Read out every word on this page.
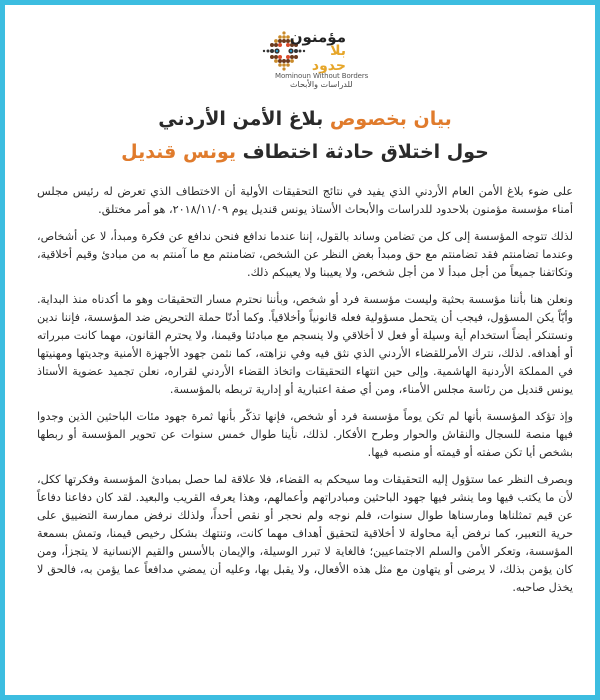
مؤمنون
بلا حدود
Mominoun Without Borders
للدراسات والأبحاث
بيان بخصوص بلاغ الأمن الأردني
حول اختلاق حادثة اختطاف يونس قنديل

على ضوء بلاغ الأمن العام الأردني الذي يفيد في نتائج التحقيقات الأولية أن الاختطاف الذي تعرض له رئيس مجلس أمناء مؤسسة مؤمنون بلاحدود للدراسات والأبحاث الأستاذ يونس قنديل يوم ٢٠١٨/١١/٠٩، هو أمر مختلق.

لذلك تتوجه المؤسسة إلى كل من تضامن وساند بالقول، إننا عندما ندافع فنحن ندافع عن فكرة ومبدأ، لا عن أشخاص، وعندما تضامنتم فقد تضامنتم مع حق ومبدأ بغض النظر عن الشخص، تضامنتم مع ما آمنتم به من مبادئ وقيم أخلاقية، وتكاتفنا جميعاً من أجل مبدأ لا من أجل شخص، ولا يعيبنا ولا يعيبكم ذلك.

ونعلن هنا بأننا مؤسسة بحثية وليست مؤسسة فرد أو شخص، وبأننا نحترم مسار التحقيقات وهو ما أكدناه منذ البداية. وأيّاً يكن المسؤول، فيجب أن يتحمل مسؤولية فعله قانونياً وأخلاقياً. وكما أدنّا حملة التحريض ضد المؤسسة، فإننا ندين ونستنكر أيضاً استخدام أية وسيلة أو فعل لا أخلاقي ولا ينسجم مع مبادئنا وقيمنا، ولا يحترم القانون، مهما كانت مبرراته أو أهدافه. لذلك، نترك الأمرللقضاء الأردني الذي نثق فيه وفي نزاهته، كما نثمن جهود الأجهزة الأمنية وجديتها ومهنيتها في المملكة الأردنية الهاشمية. وإلى حين انتهاء التحقيقات واتخاذ القضاء الأردني لقراره، نعلن تجميد عضوية الأستاذ يونس قنديل من رئاسة مجلس الأمناء، ومن أي صفة اعتبارية أو إدارية تربطه بالمؤسسة.

وإذ تؤكد المؤسسة بأنها لم تكن يوماً مؤسسة فرد أو شخص، فإنها تذكّر بأنها ثمرة جهود مئات الباحثين الذين وجدوا فيها منصة للسجال والنقاش والحوار وطرح الأفكار. لذلك، نأينا طوال خمس سنوات عن تحوير المؤسسة أو ربطها بشخص أيا تكن صفته أو قيمته أو منصبه فيها.

وبصرف النظر عما ستؤول إليه التحقيقات وما سيحكم به القضاء، فلا علاقة لما حصل بمبادئ المؤسسة وفكرتها ككل، لأن ما يكتب فيها وما ينشر فيها جهود الباحثين ومبادراتهم وأعمالهم، وهذا يعرفه القريب والبعيد. لقد كان دفاعنا دفاعاً عن قيم تمثلناها ومارسناها طوال سنوات، فلم نوجه ولم نحجر أو نقص أحداً، ولذلك نرفض ممارسة التضييق على حرية التعبير، كما نرفض أية محاولة لا أخلاقية لتحقيق أهداف مهما كانت، وتنتهك بشكل رخيص قيمنا، وتمش بسمعة المؤسسة، وتعكر الأمن والسلم الاجتماعيين؛ فالغاية لا تبرر الوسيلة، والإيمان بالأسس والقيم الإنسانية لا يتجزأ، ومن كان يؤمن بذلك، لا يرضى أو يتهاون مع مثل هذه الأفعال، ولا يقبل بها، وعليه أن يمضي مدافعاً عما يؤمن به، فالحق لا يخذل صاحبه.
